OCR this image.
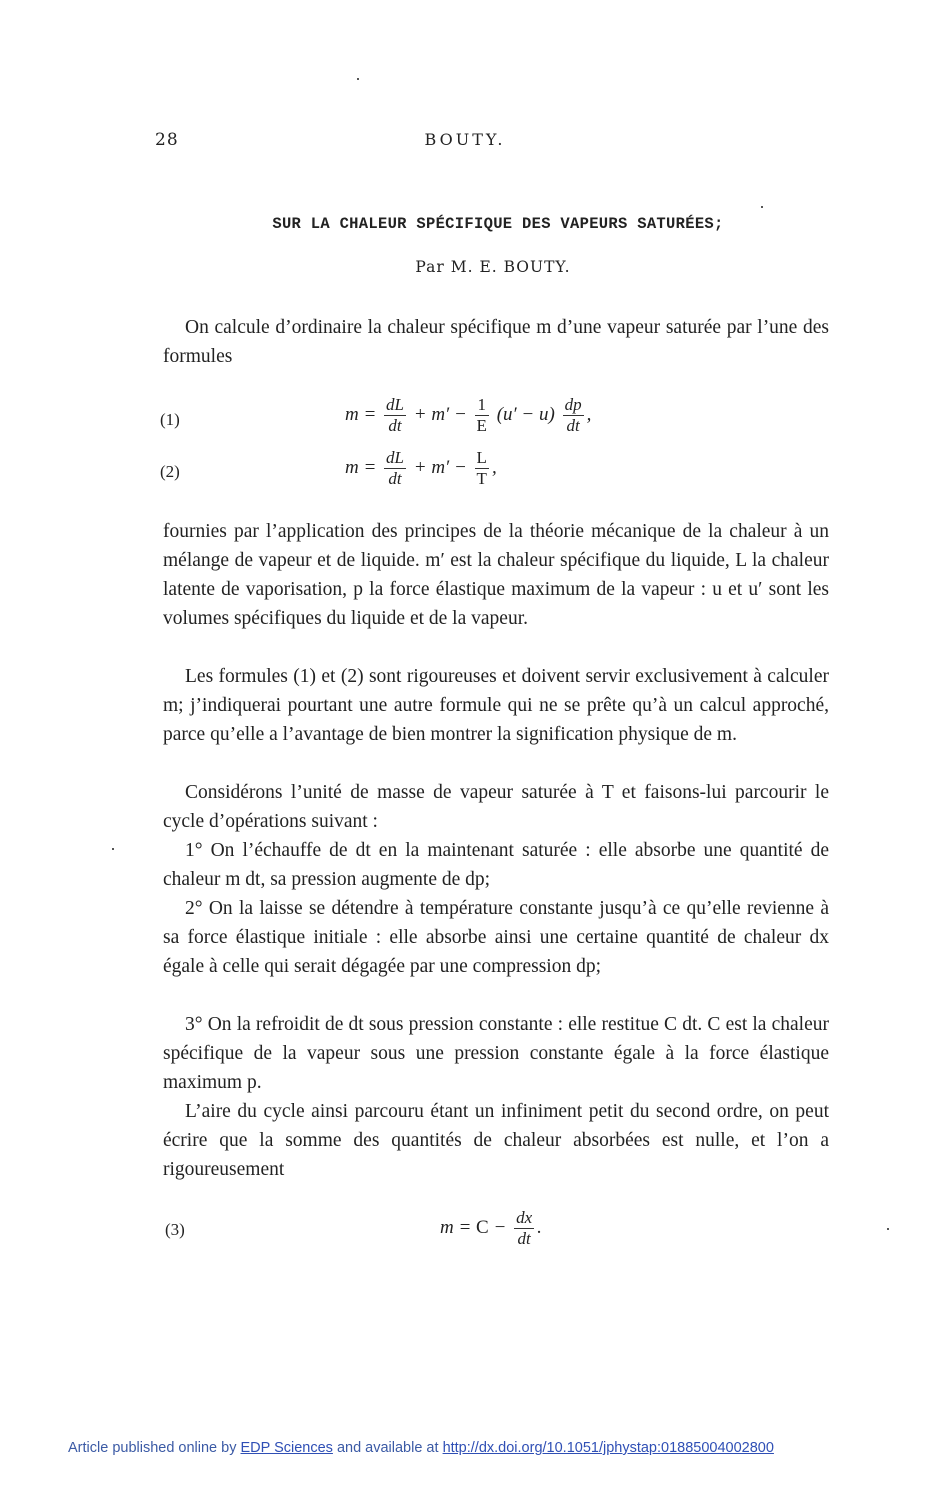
28	BOUTY.
SUR LA CHALEUR SPÉCIFIQUE DES VAPEURS SATURÉES;
Par M. E. BOUTY.

On calcule d’ordinaire la chaleur spécifique m d’une vapeur saturée par l’une des formules

(1)	$m = \frac{dL}{dt} + m' - \frac{1}{E} (u' - u) \frac{dp}{dt}$ ,
(2)	$m = \frac{dL}{dt} + m' - \frac{L}{T}$ ,

fournies par l’application des principes de la théorie mécanique de la chaleur à un mélange de vapeur et de liquide. m′ est la chaleur spécifique du liquide, L la chaleur latente de vaporisation, p la force élastique maximum de la vapeur : u et u′ sont les volumes spécifiques du liquide et de la vapeur.

Les formules (1) et (2) sont rigoureuses et doivent servir exclusivement à calculer m; j’indiquerai pourtant une autre formule qui ne se prête qu’à un calcul approché, parce qu’elle a l’avantage de bien montrer la signification physique de m.

Considérons l’unité de masse de vapeur saturée à T et faisons-lui parcourir le cycle d’opérations suivant :

1° On l’échauffe de dt en la maintenant saturée : elle absorbe une quantité de chaleur m dt, sa pression augmente de dp;

2° On la laisse se détendre à température constante jusqu’à ce qu’elle revienne à sa force élastique initiale : elle absorbe ainsi une certaine quantité de chaleur dx égale à celle qui serait dégagée par une compression dp;

3° On la refroidit de dt sous pression constante : elle restitue C dt. C est la chaleur spécifique de la vapeur sous une pression constante égale à la force élastique maximum p.

L’aire du cycle ainsi parcouru étant un infiniment petit du second ordre, on peut écrire que la somme des quantités de chaleur absorbées est nulle, et l’on a rigoureusement

(3)	$m = C - \frac{dx}{dt}$ .
Article published online by EDP Sciences and available at http://dx.doi.org/10.1051/jphystap:01885004002800
